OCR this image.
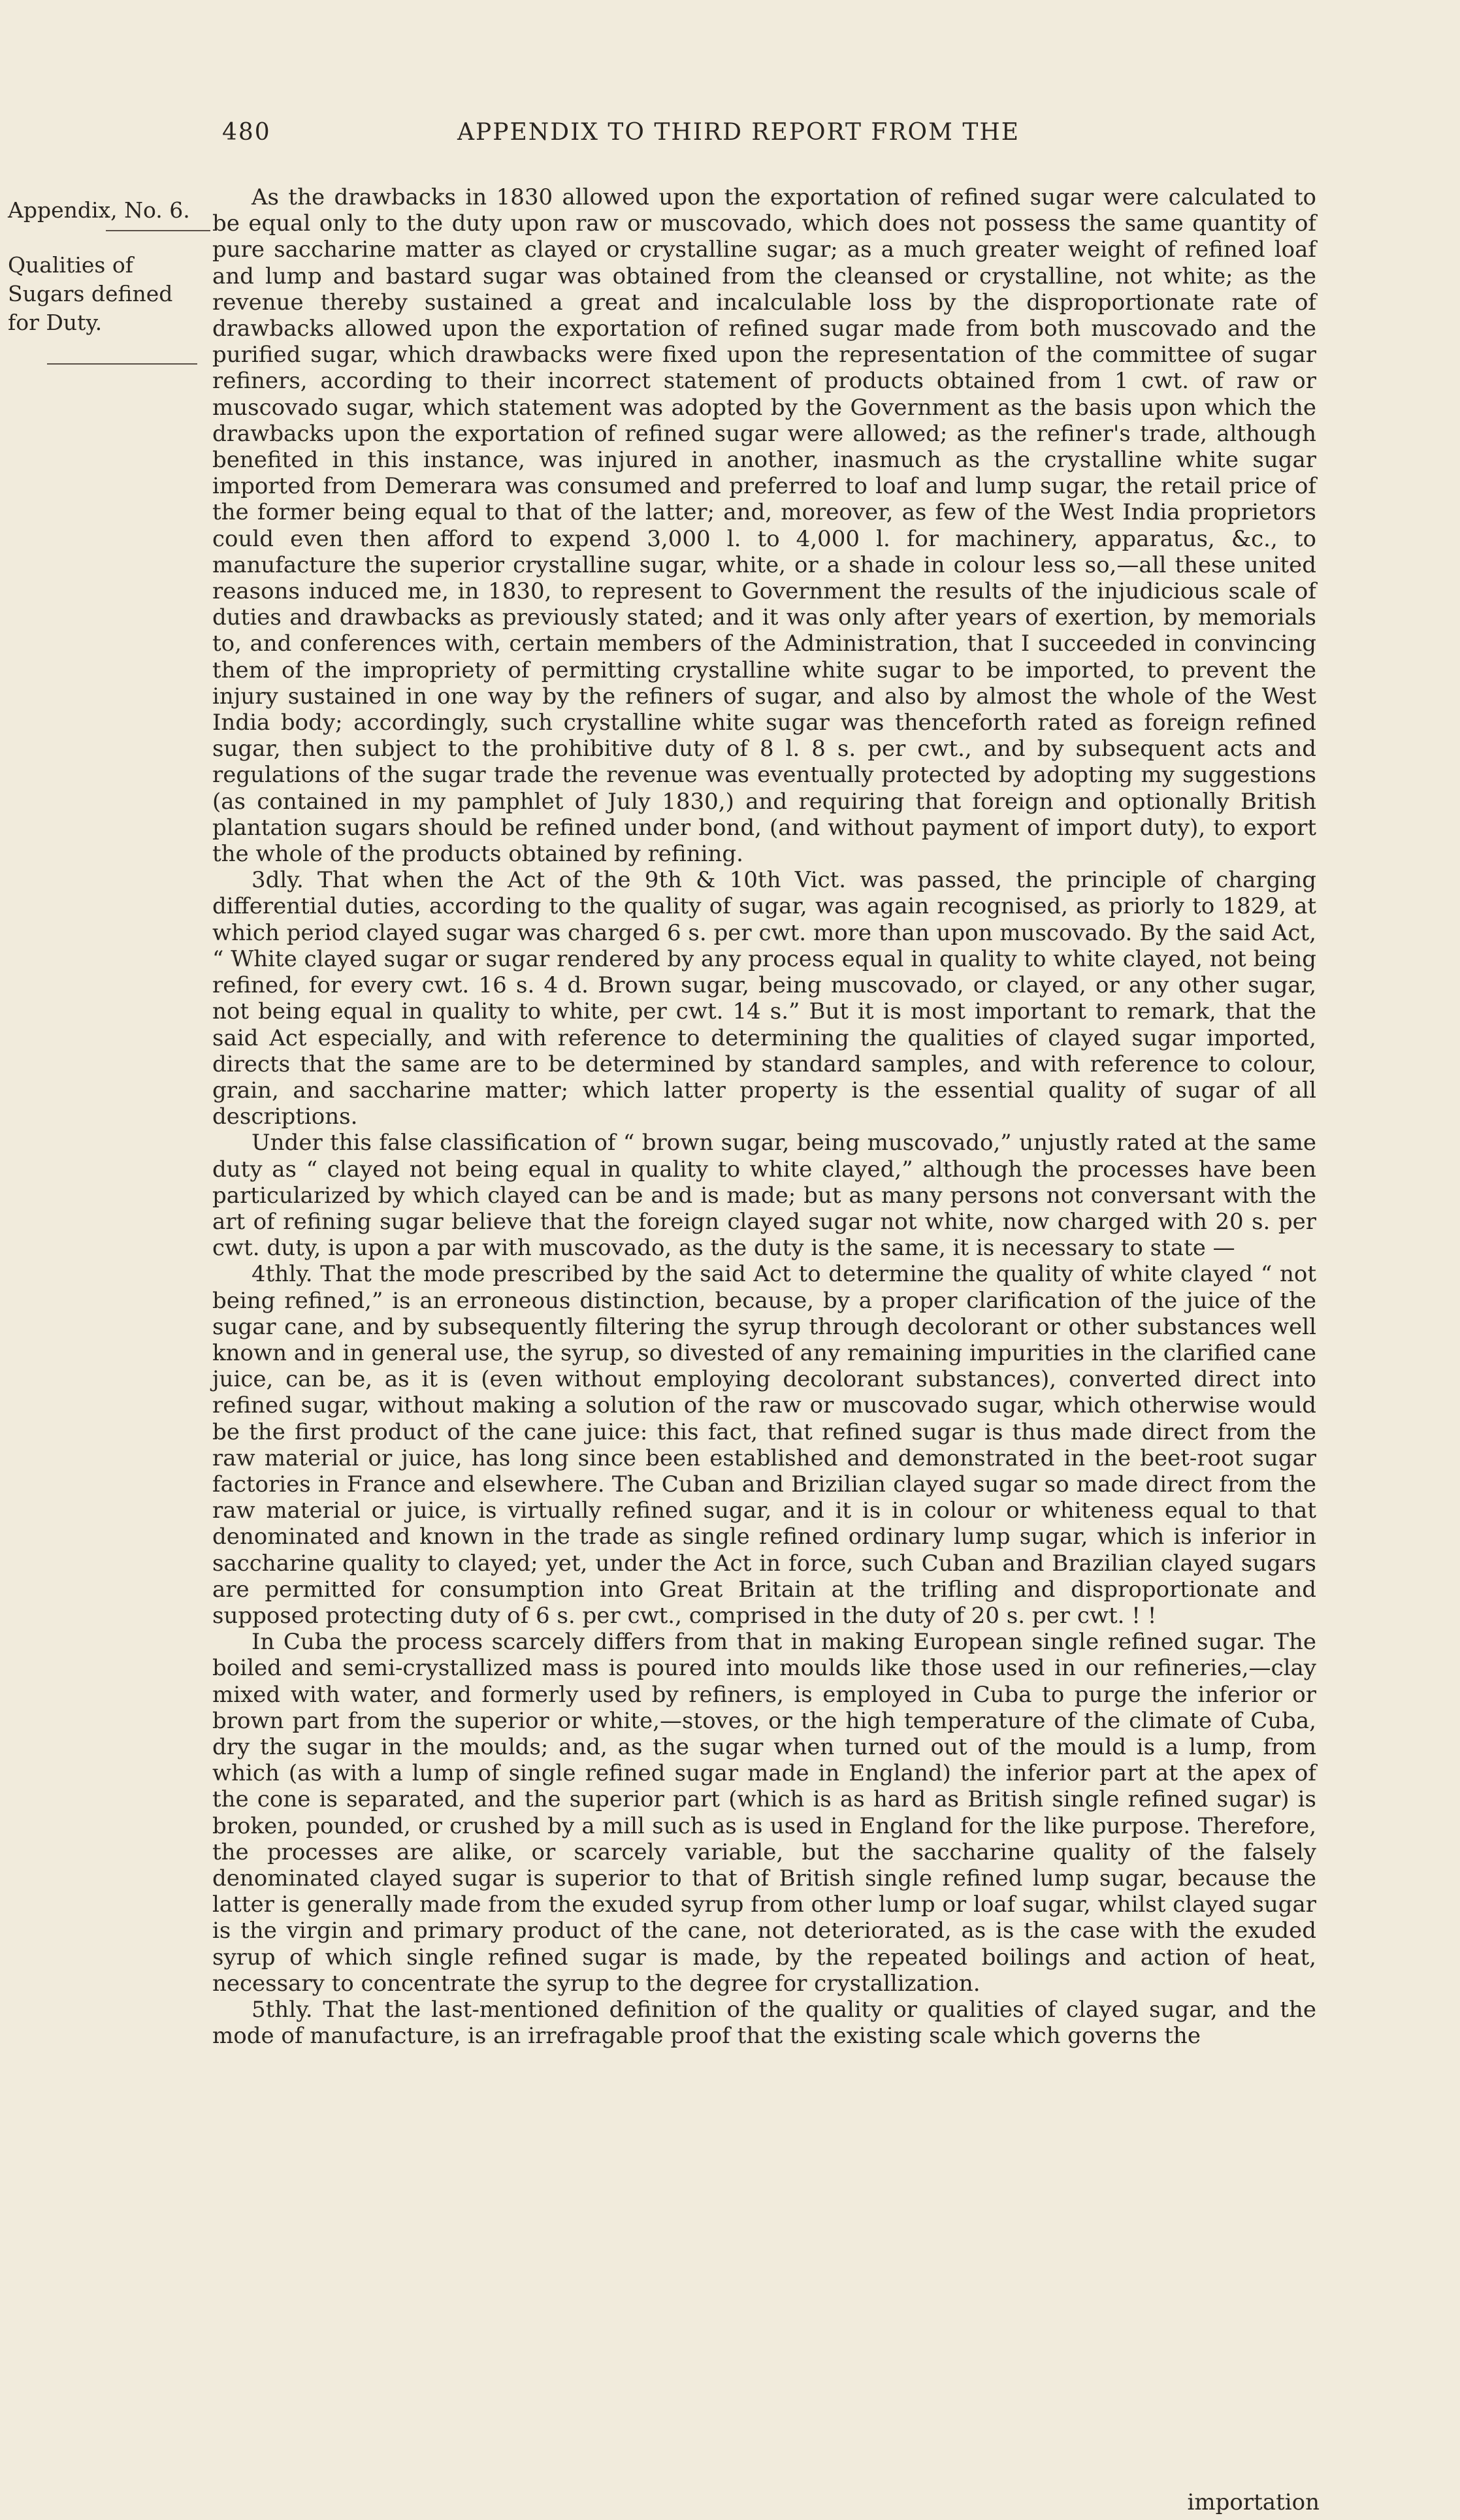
480	APPENDIX TO THIRD REPORT FROM THE
Appendix, No. 6.
Qualities of Sugars defined for Duty.

As the drawbacks in 1830 allowed upon the exportation of refined sugar were calculated to be equal only to the duty upon raw or muscovado, which does not possess the same quantity of pure saccharine matter as clayed or crystalline sugar; as a much greater weight of refined loaf and lump and bastard sugar was obtained from the cleansed or crystalline, not white; as the revenue thereby sustained a great and incalculable loss by the disproportionate rate of drawbacks allowed upon the exportation of refined sugar made from both muscovado and the purified sugar, which drawbacks were fixed upon the representation of the committee of sugar refiners, according to their incorrect statement of products obtained from 1 cwt. of raw or muscovado sugar, which statement was adopted by the Government as the basis upon which the drawbacks upon the exportation of refined sugar were allowed; as the refiner's trade, although benefited in this instance, was injured in another, inasmuch as the crystalline white sugar imported from Demerara was consumed and preferred to loaf and lump sugar, the retail price of the former being equal to that of the latter; and, moreover, as few of the West India proprietors could even then afford to expend 3,000 l. to 4,000 l. for machinery, apparatus, &c., to manufacture the superior crystalline sugar, white, or a shade in colour less so,—all these united reasons induced me, in 1830, to represent to Government the results of the injudicious scale of duties and drawbacks as previously stated; and it was only after years of exertion, by memorials to, and conferences with, certain members of the Administration, that I succeeded in convincing them of the impropriety of permitting crystalline white sugar to be imported, to prevent the injury sustained in one way by the refiners of sugar, and also by almost the whole of the West India body; accordingly, such crystalline white sugar was thenceforth rated as foreign refined sugar, then subject to the prohibitive duty of 8 l. 8 s. per cwt., and by subsequent acts and regulations of the sugar trade the revenue was eventually protected by adopting my suggestions (as contained in my pamphlet of July 1830,) and requiring that foreign and optionally British plantation sugars should be refined under bond, (and without payment of import duty), to export the whole of the products obtained by refining.

3dly. That when the Act of the 9th & 10th Vict. was passed, the principle of charging differential duties, according to the quality of sugar, was again recognised, as priorly to 1829, at which period clayed sugar was charged 6 s. per cwt. more than upon muscovado. By the said Act, “ White clayed sugar or sugar rendered by any process equal in quality to white clayed, not being refined, for every cwt. 16 s. 4 d. Brown sugar, being muscovado, or clayed, or any other sugar, not being equal in quality to white, per cwt. 14 s.” But it is most important to remark, that the said Act especially, and with reference to determining the qualities of clayed sugar imported, directs that the same are to be determined by standard samples, and with reference to colour, grain, and saccharine matter; which latter property is the essential quality of sugar of all descriptions.

Under this false classification of “ brown sugar, being muscovado,” unjustly rated at the same duty as “ clayed not being equal in quality to white clayed,” although the processes have been particularized by which clayed can be and is made; but as many persons not conversant with the art of refining sugar believe that the foreign clayed sugar not white, now charged with 20 s. per cwt. duty, is upon a par with muscovado, as the duty is the same, it is necessary to state —

4thly. That the mode prescribed by the said Act to determine the quality of white clayed “ not being refined,” is an erroneous distinction, because, by a proper clarification of the juice of the sugar cane, and by subsequently filtering the syrup through decolorant or other substances well known and in general use, the syrup, so divested of any remaining impurities in the clarified cane juice, can be, as it is (even without employing decolorant substances), converted direct into refined sugar, without making a solution of the raw or muscovado sugar, which otherwise would be the first product of the cane juice: this fact, that refined sugar is thus made direct from the raw material or juice, has long since been established and demonstrated in the beet-root sugar factories in France and elsewhere. The Cuban and Brizilian clayed sugar so made direct from the raw material or juice, is virtually refined sugar, and it is in colour or whiteness equal to that denominated and known in the trade as single refined ordinary lump sugar, which is inferior in saccharine quality to clayed; yet, under the Act in force, such Cuban and Brazilian clayed sugars are permitted for consumption into Great Britain at the trifling and disproportionate and supposed protecting duty of 6 s. per cwt., comprised in the duty of 20 s. per cwt. ! !

In Cuba the process scarcely differs from that in making European single refined sugar. The boiled and semi-crystallized mass is poured into moulds like those used in our refineries,—clay mixed with water, and formerly used by refiners, is employed in Cuba to purge the inferior or brown part from the superior or white,—stoves, or the high temperature of the climate of Cuba, dry the sugar in the moulds; and, as the sugar when turned out of the mould is a lump, from which (as with a lump of single refined sugar made in England) the inferior part at the apex of the cone is separated, and the superior part (which is as hard as British single refined sugar) is broken, pounded, or crushed by a mill such as is used in England for the like purpose. Therefore, the processes are alike, or scarcely variable, but the saccharine quality of the falsely denominated clayed sugar is superior to that of British single refined lump sugar, because the latter is generally made from the exuded syrup from other lump or loaf sugar, whilst clayed sugar is the virgin and primary product of the cane, not deteriorated, as is the case with the exuded syrup of which single refined sugar is made, by the repeated boilings and action of heat, necessary to concentrate the syrup to the degree for crystallization.

5thly. That the last-mentioned definition of the quality or qualities of clayed sugar, and the mode of manufacture, is an irrefragable proof that the existing scale which governs the

importation
